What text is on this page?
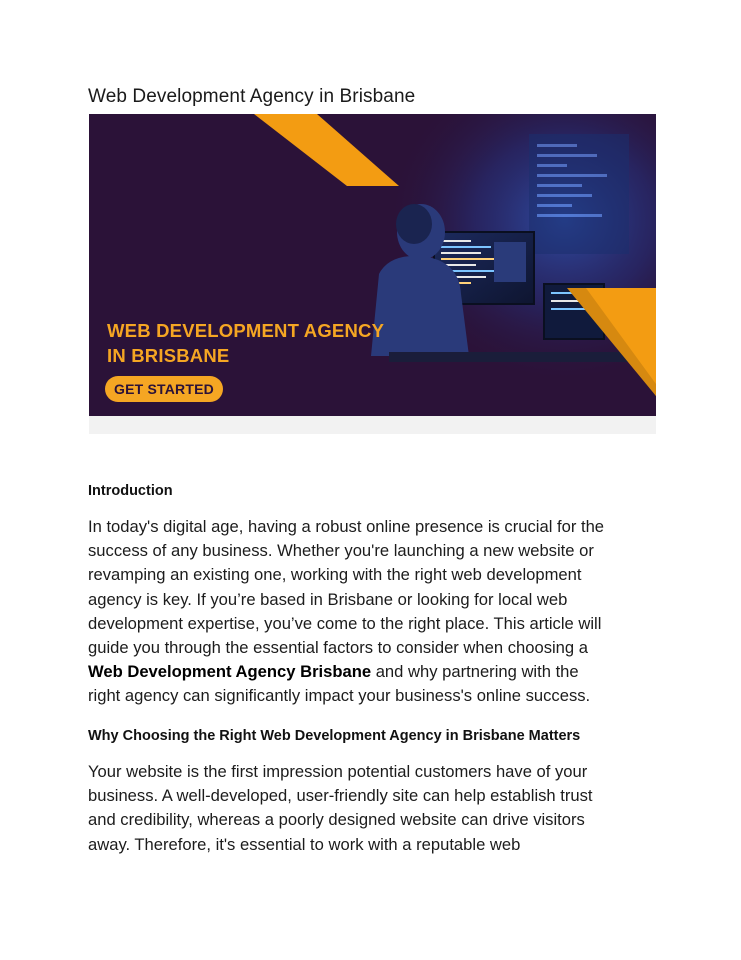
Web Development Agency in Brisbane
WEB DEVELOPMENT AGENCY
IN BRISBANE
GET STARTED
Introduction
In today's digital age, having a robust online presence is crucial for the
success of any business. Whether you're launching a new website or
revamping an existing one, working with the right web development
agency is key. If you’re based in Brisbane or looking for local web
development expertise, you’ve come to the right place. This article will
guide you through the essential factors to consider when choosing a
Web Development Agency Brisbane and why partnering with the
right agency can significantly impact your business's online success.
Why Choosing the Right Web Development Agency in Brisbane Matters
Your website is the first impression potential customers have of your
business. A well-developed, user-friendly site can help establish trust
and credibility, whereas a poorly designed website can drive visitors
away. Therefore, it's essential to work with a reputable web
